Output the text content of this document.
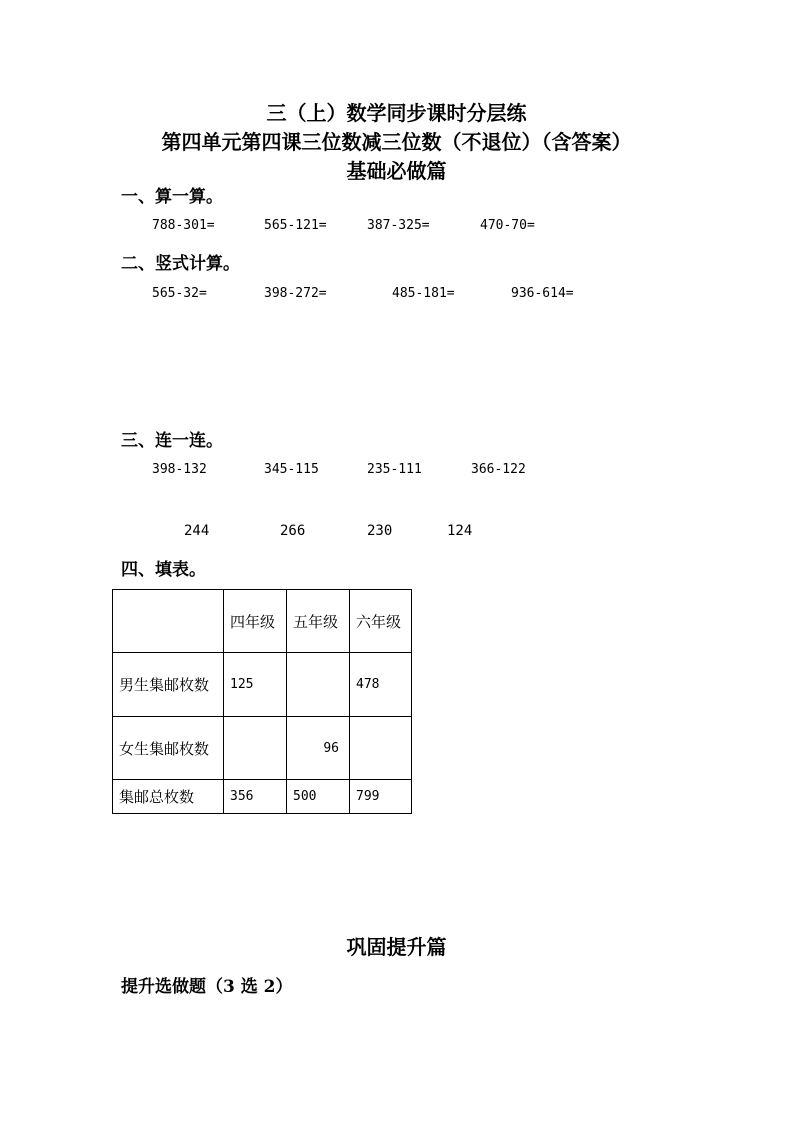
三（上）数学同步课时分层练
第四单元第四课三位数减三位数（不退位）（含答案）
基础必做篇
一、算一算。
788-301=	565-121=	387-325=	470-70=
二、竖式计算。
565-32=	398-272=	485-181=	936-614=
三、连一连。
398-132	345-115	235-111	366-122
244	266	230	124
四、填表。
	四年级	五年级	六年级
男生集邮枚数	125		478
女生集邮枚数		96	
集邮总枚数	356	500	799
巩固提升篇
提升选做题（3 选 2）
